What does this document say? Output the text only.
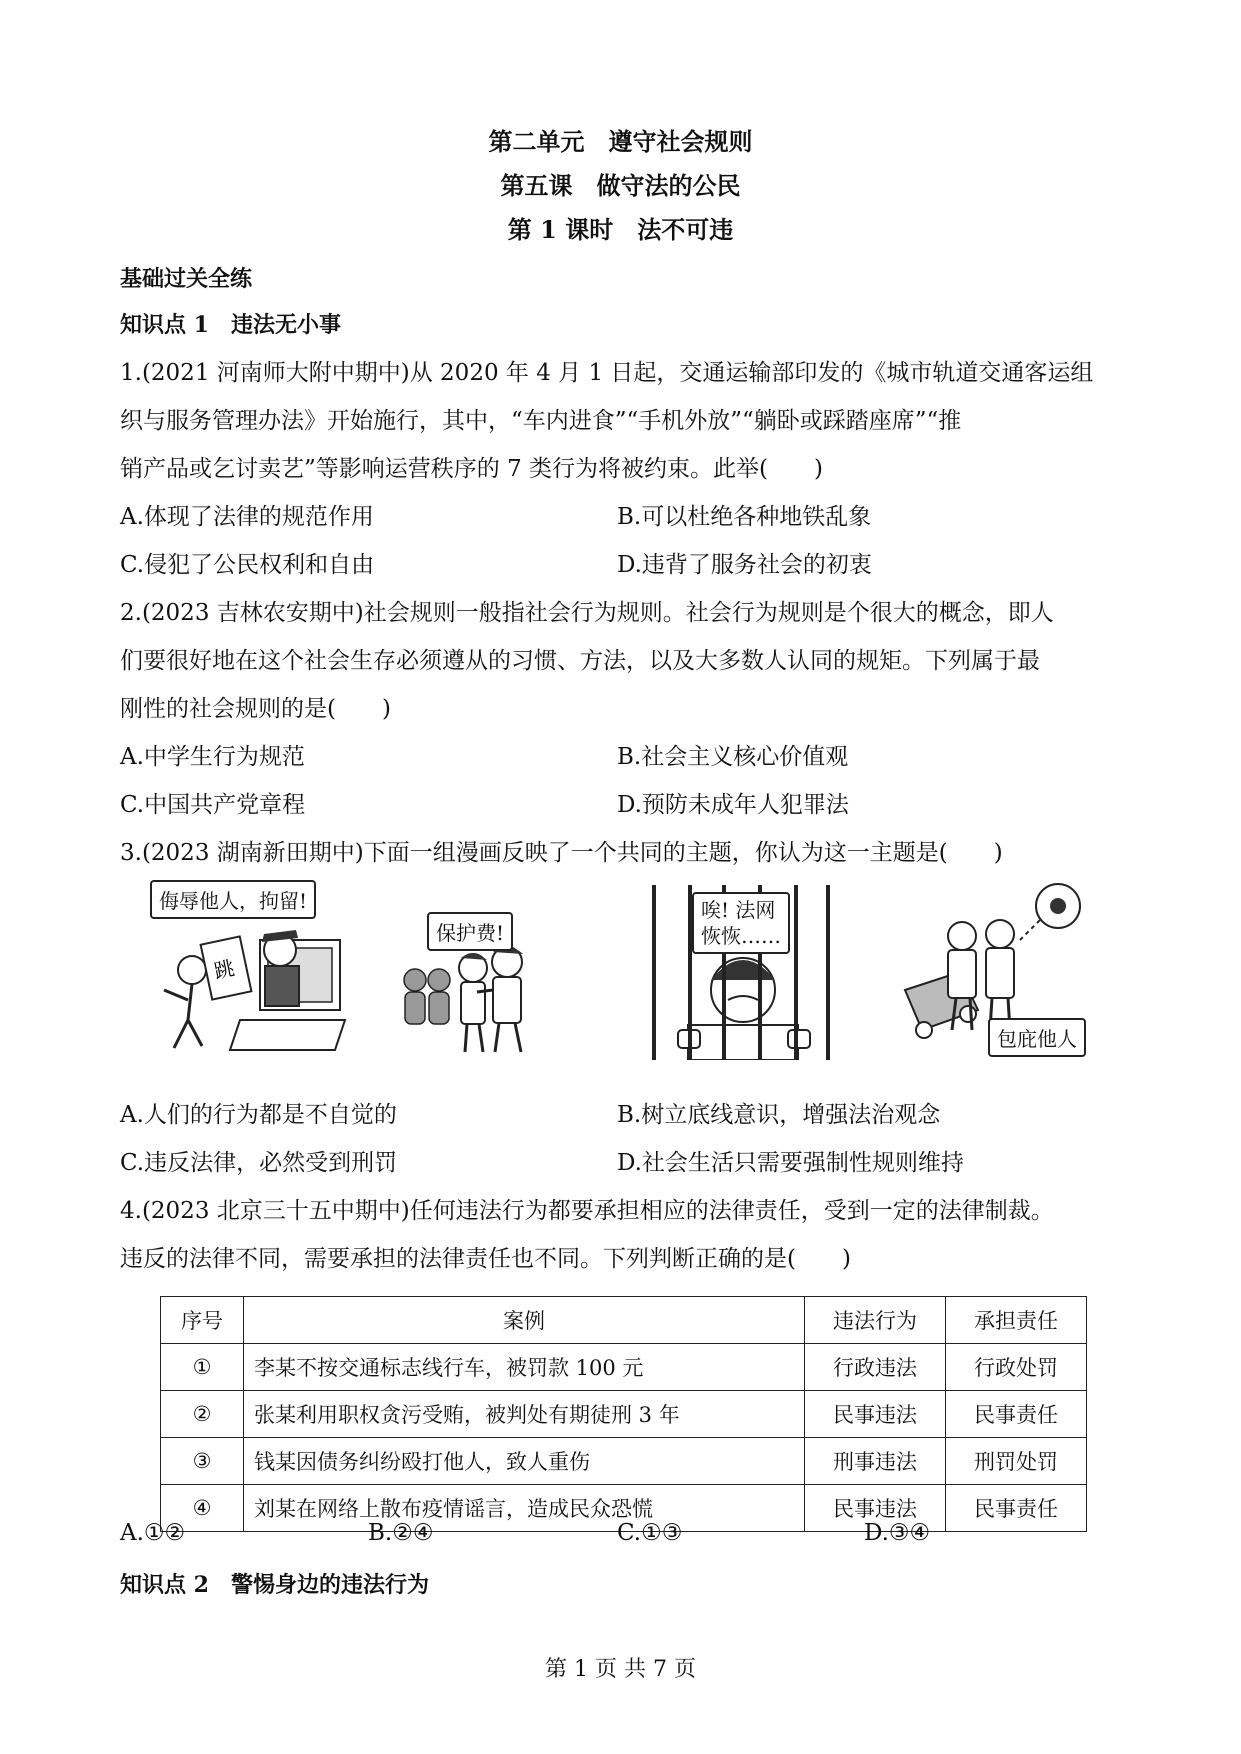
第二单元　遵守社会规则
第五课　做守法的公民
第 1 课时　法不可违
基础过关全练
知识点 1　违法无小事
1.(2021 河南师大附中期中)从 2020 年 4 月 1 日起，交通运输部印发的《城市轨道交通客运组
织与服务管理办法》开始施行，其中，“车内进食”“手机外放”“躺卧或踩踏座席”“推
销产品或乞讨卖艺”等影响运营秩序的 7 类行为将被约束。此举(　　)
A.体现了法律的规范作用	B.可以杜绝各种地铁乱象
C.侵犯了公民权利和自由	D.违背了服务社会的初衷
2.(2023 吉林农安期中)社会规则一般指社会行为规则。社会行为规则是个很大的概念，即人
们要很好地在这个社会生存必须遵从的习惯、方法，以及大多数人认同的规矩。下列属于最
刚性的社会规则的是(　　)
A.中学生行为规范	B.社会主义核心价值观
C.中国共产党章程	D.预防未成年人犯罪法
3.(2023 湖南新田期中)下面一组漫画反映了一个共同的主题，你认为这一主题是(　　)
跳
侮辱他人，拘留!
保护费!
唉! 法网
恢恢……
包庇他人
A.人们的行为都是不自觉的	B.树立底线意识，增强法治观念
C.违反法律，必然受到刑罚	D.社会生活只需要强制性规则维持
4.(2023 北京三十五中期中)任何违法行为都要承担相应的法律责任，受到一定的法律制裁。
违反的法律不同，需要承担的法律责任也不同。下列判断正确的是(　　)
序号	案例	违法行为	承担责任
①	李某不按交通标志线行车，被罚款 100 元	行政违法	行政处罚
②	张某利用职权贪污受贿，被判处有期徒刑 3 年	民事违法	民事责任
③	钱某因债务纠纷殴打他人，致人重伤	刑事违法	刑罚处罚
④	刘某在网络上散布疫情谣言，造成民众恐慌	民事违法	民事责任
A.①②	B.②④	C.①③	D.③④
知识点 2　警惕身边的违法行为
第 1 页 共 7 页
